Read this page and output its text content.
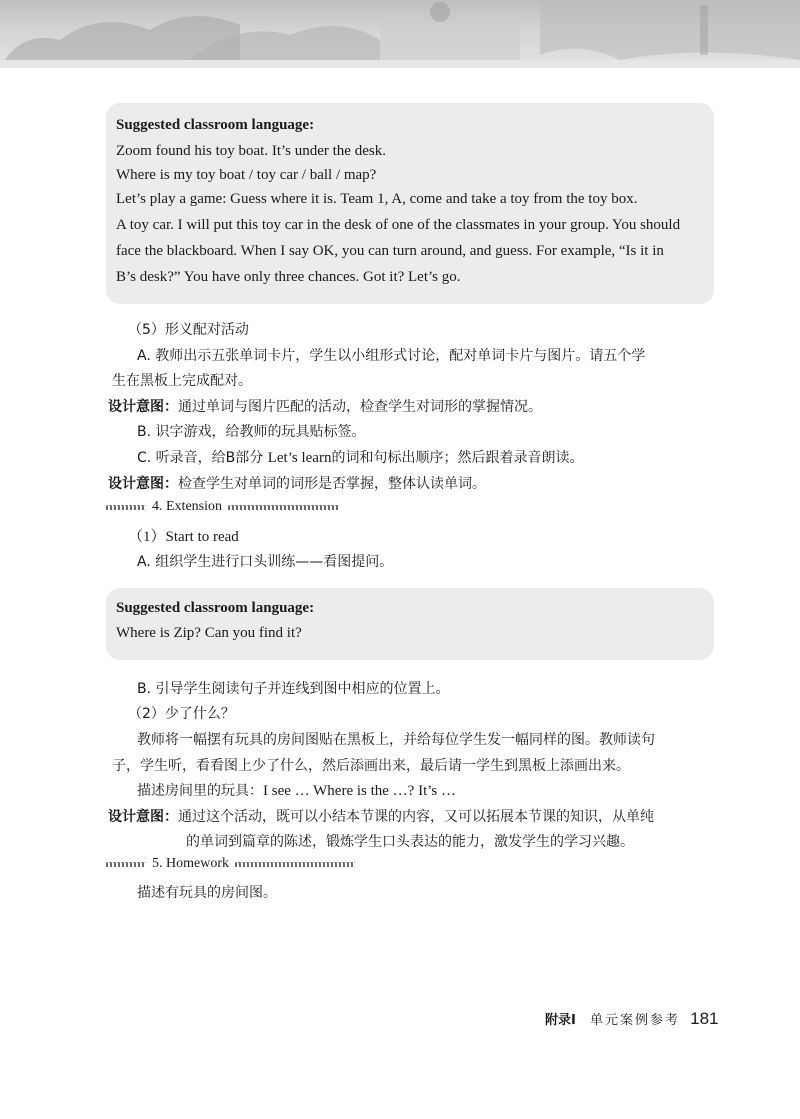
Suggested classroom language:
Zoom found his toy boat. It’s under the desk.
Where is my toy boat / toy car / ball / map?
Let’s play a game: Guess where it is. Team 1, A, come and take a toy from the toy box.
A toy car. I will put this toy car in the desk of one of the classmates in your group. You should
face the blackboard. When I say OK, you can turn around, and guess. For example, “Is it in
B’s desk?” You have only three chances. Got it? Let’s go.
（5）形义配对活动
A. 教师出示五张单词卡片，学生以小组形式讨论，配对单词卡片与图片。请五个学
生在黑板上完成配对。
设计意图：通过单词与图片匹配的活动，检查学生对词形的掌握情况。
B. 识字游戏，给教师的玩具贴标签。
C. 听录音，给B部分 Let’s learn的词和句标出顺序；然后跟着录音朗读。
设计意图：检查学生对单词的词形是否掌握，整体认读单词。
4. Extension
（1）Start to read
A. 组织学生进行口头训练——看图提问。
Suggested classroom language:
Where is Zip? Can you find it?
B. 引导学生阅读句子并连线到图中相应的位置上。
（2）少了什么？
教师将一幅摆有玩具的房间图贴在黑板上，并给每位学生发一幅同样的图。教师读句
子，学生听，看看图上少了什么，然后添画出来，最后请一学生到黑板上添画出来。
描述房间里的玩具：I see … Where is the …? It’s …
设计意图：通过这个活动，既可以小结本节课的内容，又可以拓展本节课的知识，从单纯
的单词到篇章的陈述，锻炼学生口头表达的能力，激发学生的学习兴趣。
5. Homework
描述有玩具的房间图。
附录I 单元案例参考 181
